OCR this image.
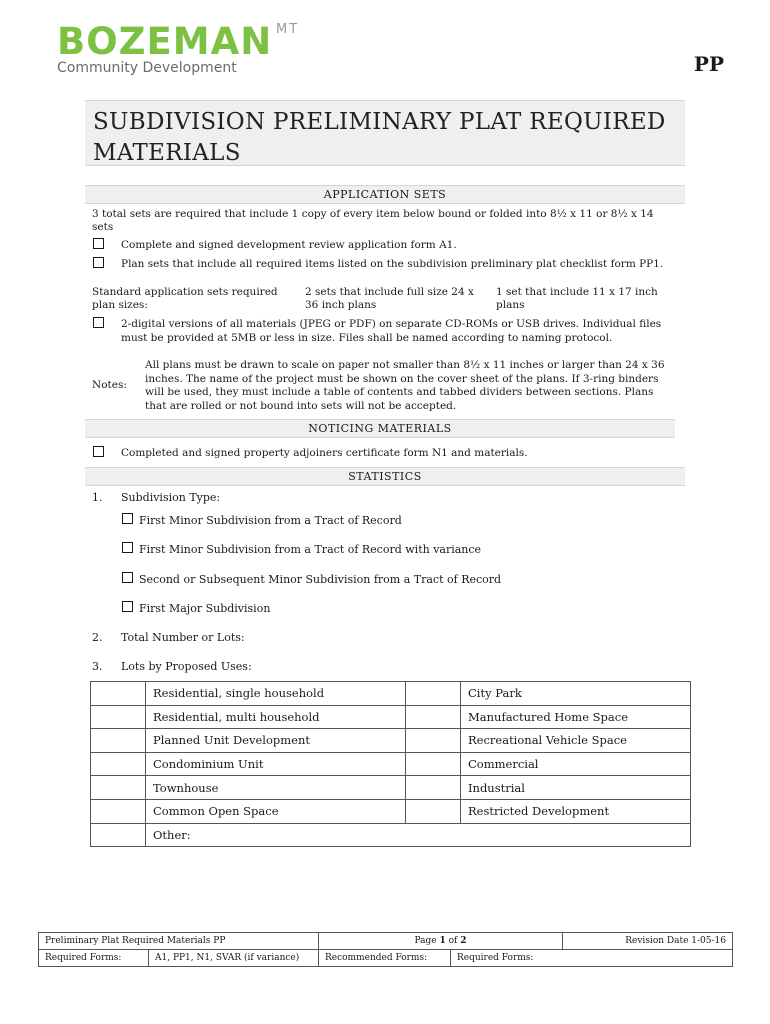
BOZEMAN MT
Community Development	PP
SUBDIVISION PRELIMINARY PLAT REQUIRED
MATERIALS
APPLICATION SETS
3 total sets are required that include 1 copy of every item below bound or folded into 8½ x 11 or 8½ x 14
sets
Complete and signed development review application form A1.
Plan sets that include all required items listed on the subdivision preliminary plat checklist form PP1.
Standard application sets required
plan sizes:
2 sets that include full size 24 x
36 inch plans
1 set that include 11 x 17 inch
plans
2-digital versions of all materials (JPEG or PDF) on separate CD-ROMs or USB drives. Individual files
must be provided at 5MB or less in size. Files shall be named according to naming protocol.
Notes:
All plans must be drawn to scale on paper not smaller than 8½ x 11 inches or larger than 24 x 36
inches. The name of the project must be shown on the cover sheet of the plans. If 3-ring binders
will be used, they must include a table of contents and tabbed dividers between sections. Plans
that are rolled or not bound into sets will not be accepted.
NOTICING MATERIALS
Completed and signed property adjoiners certificate form N1 and materials.
STATISTICS
1. Subdivision Type:
First Minor Subdivision from a Tract of Record
First Minor Subdivision from a Tract of Record with variance
Second or Subsequent Minor Subdivision from a Tract of Record
First Major Subdivision
2. Total Number or Lots:
3. Lots by Proposed Uses:
	Residential, single household		City Park
	Residential, multi household		Manufactured Home Space
	Planned Unit Development		Recreational Vehicle Space
	Condominium Unit		Commercial
	Townhouse		Industrial
	Common Open Space		Restricted Development
	Other:		
Preliminary Plat Required Materials PP		Page 1 of 2		Revision Date 1-05-16
Required Forms:	A1, PP1, N1, SVAR (if variance)	Recommended Forms:	Required Forms:	
